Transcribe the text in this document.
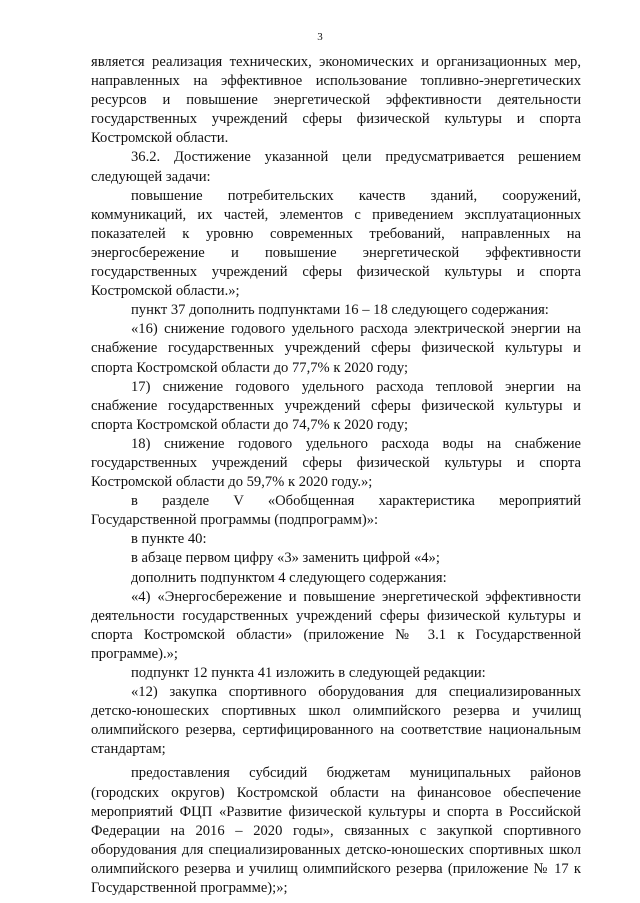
3

является реализация технических, экономических и организационных мер, направленных на эффективное использование топливно-энергетических ресурсов и повышение энергетической эффективности деятельности государственных учреждений сферы физической культуры и спорта Костромской области.

36.2. Достижение указанной цели предусматривается решением следующей задачи:

повышение потребительских качеств зданий, сооружений, коммуникаций, их частей, элементов с приведением эксплуатационных показателей к уровню современных требований, направленных на энергосбережение и повышение энергетической эффективности государственных учреждений сферы физической культуры и спорта Костромской области.»;

пункт 37 дополнить подпунктами 16 – 18 следующего содержания:

«16) снижение годового удельного расхода электрической энергии на снабжение государственных учреждений сферы физической культуры и спорта Костромской области до 77,7% к 2020 году;

17) снижение годового удельного расхода тепловой энергии на снабжение государственных учреждений сферы физической культуры и спорта Костромской области до 74,7% к 2020 году;

18) снижение годового удельного расхода воды на снабжение государственных учреждений сферы физической культуры и спорта Костромской области до 59,7% к 2020 году.»;

в разделе V «Обобщенная характеристика мероприятий Государственной программы (подпрограмм)»:

в пункте 40:

в абзаце первом цифру «3» заменить цифрой «4»;

дополнить подпунктом 4 следующего содержания:

«4) «Энергосбережение и повышение энергетической эффективности деятельности государственных учреждений сферы физической культуры и спорта Костромской области» (приложение № 3.1 к Государственной программе).»;

подпункт 12 пункта 41 изложить в следующей редакции:

«12) закупка спортивного оборудования для специализированных детско-юношеских спортивных школ олимпийского резерва и училищ олимпийского резерва, сертифицированного на соответствие национальным стандартам;

предоставления субсидий бюджетам муниципальных районов (городских округов) Костромской области на финансовое обеспечение мероприятий ФЦП «Развитие физической культуры и спорта в Российской Федерации на 2016 – 2020 годы», связанных с закупкой спортивного оборудования для специализированных детско-юношеских спортивных школ олимпийского резерва и училищ олимпийского резерва (приложение № 17 к Государственной программе);»;
